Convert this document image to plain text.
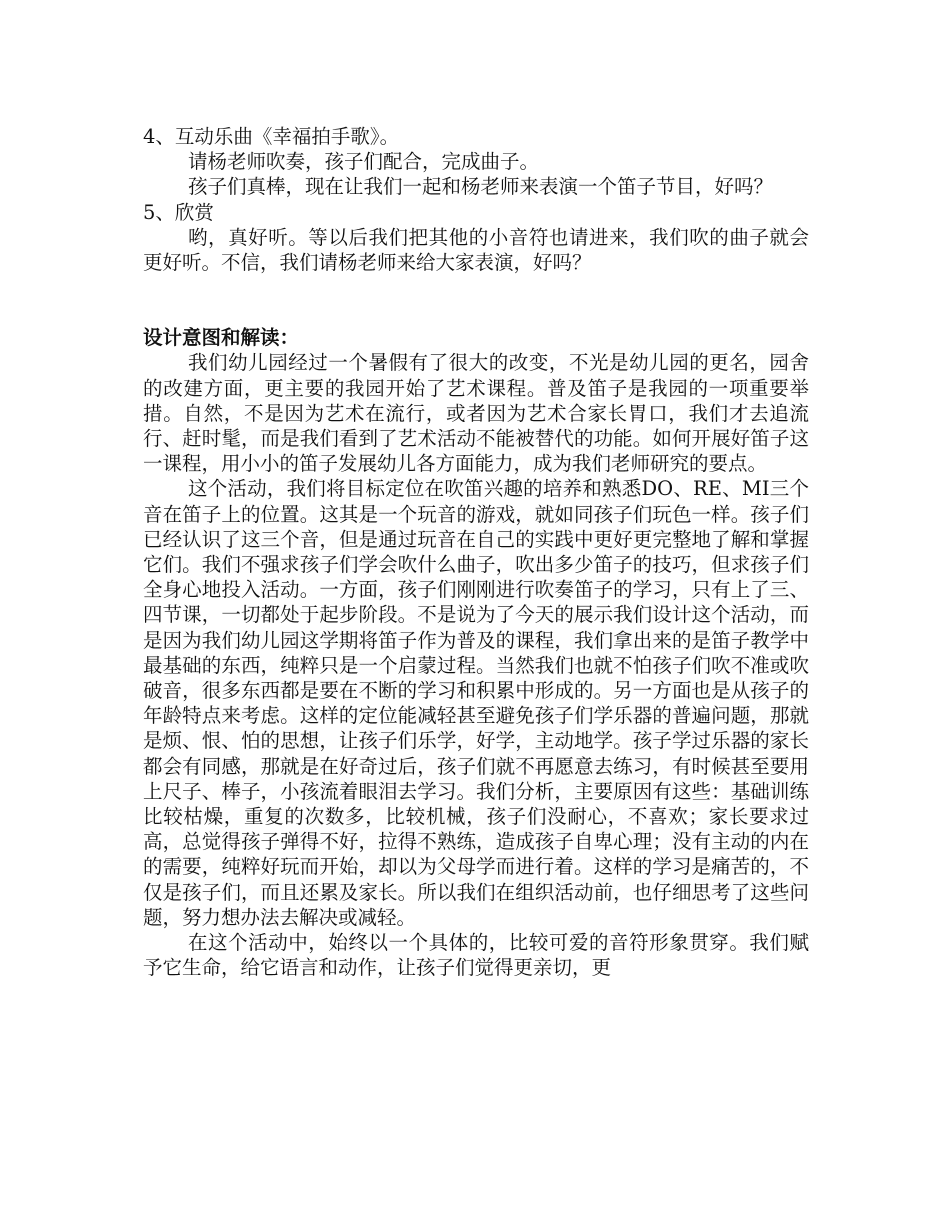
4、互动乐曲《幸福拍手歌》。

请杨老师吹奏，孩子们配合，完成曲子。

孩子们真棒，现在让我们一起和杨老师来表演一个笛子节目，好吗？

5、欣赏

哟，真好听。等以后我们把其他的小音符也请进来，我们吹的曲子就会更好听。不信，我们请杨老师来给大家表演，好吗？

设计意图和解读：

我们幼儿园经过一个暑假有了很大的改变，不光是幼儿园的更名，园舍的改建方面，更主要的我园开始了艺术课程。普及笛子是我园的一项重要举措。自然，不是因为艺术在流行，或者因为艺术合家长胃口，我们才去追流行、赶时髦，而是我们看到了艺术活动不能被替代的功能。如何开展好笛子这一课程，用小小的笛子发展幼儿各方面能力，成为我们老师研究的要点。

这个活动，我们将目标定位在吹笛兴趣的培养和熟悉DO、RE、MI三个音在笛子上的位置。这其是一个玩音的游戏，就如同孩子们玩色一样。孩子们已经认识了这三个音，但是通过玩音在自己的实践中更好更完整地了解和掌握它们。我们不强求孩子们学会吹什么曲子，吹出多少笛子的技巧，但求孩子们全身心地投入活动。一方面，孩子们刚刚进行吹奏笛子的学习，只有上了三、四节课，一切都处于起步阶段。不是说为了今天的展示我们设计这个活动，而是因为我们幼儿园这学期将笛子作为普及的课程，我们拿出来的是笛子教学中最基础的东西，纯粹只是一个启蒙过程。当然我们也就不怕孩子们吹不准或吹破音，很多东西都是要在不断的学习和积累中形成的。另一方面也是从孩子的年龄特点来考虑。这样的定位能减轻甚至避免孩子们学乐器的普遍问题，那就是烦、恨、怕的思想，让孩子们乐学，好学，主动地学。孩子学过乐器的家长都会有同感，那就是在好奇过后，孩子们就不再愿意去练习，有时候甚至要用上尺子、棒子，小孩流着眼泪去学习。我们分析，主要原因有这些：基础训练比较枯燥，重复的次数多，比较机械，孩子们没耐心，不喜欢；家长要求过高，总觉得孩子弹得不好，拉得不熟练，造成孩子自卑心理；没有主动的内在的需要，纯粹好玩而开始，却以为父母学而进行着。这样的学习是痛苦的，不仅是孩子们，而且还累及家长。所以我们在组织活动前，也仔细思考了这些问题，努力想办法去解决或减轻。

在这个活动中，始终以一个具体的，比较可爱的音符形象贯穿。我们赋予它生命，给它语言和动作，让孩子们觉得更亲切，更
